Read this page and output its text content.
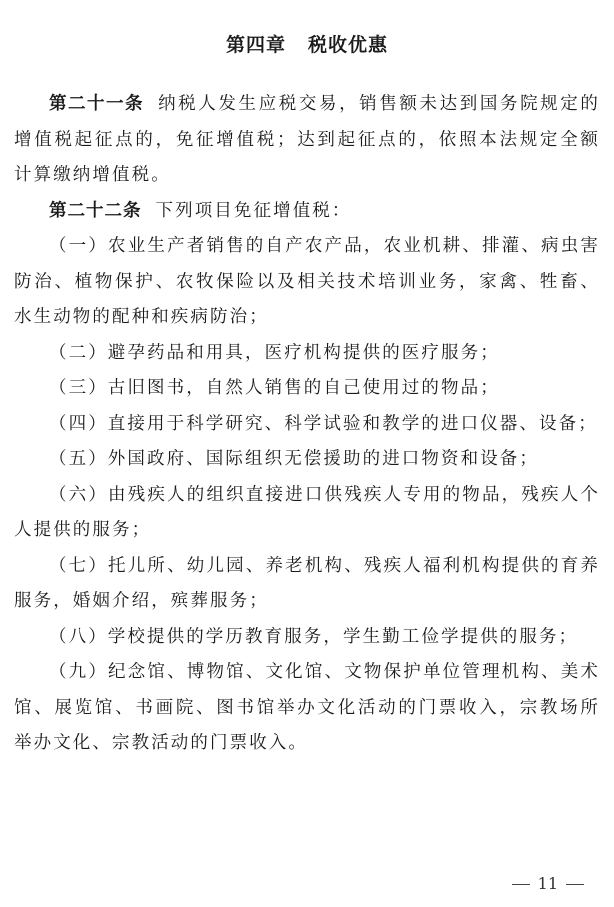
第四章 税收优惠

第二十一条 纳税人发生应税交易，销售额未达到国务院规定的增值税起征点的，免征增值税；达到起征点的，依照本法规定全额计算缴纳增值税。

第二十二条 下列项目免征增值税：

（一）农业生产者销售的自产农产品，农业机耕、排灌、病虫害防治、植物保护、农牧保险以及相关技术培训业务，家禽、牲畜、水生动物的配种和疾病防治；

（二）避孕药品和用具，医疗机构提供的医疗服务；

（三）古旧图书，自然人销售的自己使用过的物品；

（四）直接用于科学研究、科学试验和教学的进口仪器、设备；

（五）外国政府、国际组织无偿援助的进口物资和设备；

（六）由残疾人的组织直接进口供残疾人专用的物品，残疾人个人提供的服务；

（七）托儿所、幼儿园、养老机构、残疾人福利机构提供的育养服务，婚姻介绍，殡葬服务；

（八）学校提供的学历教育服务，学生勤工俭学提供的服务；

（九）纪念馆、博物馆、文化馆、文物保护单位管理机构、美术馆、展览馆、书画院、图书馆举办文化活动的门票收入，宗教场所举办文化、宗教活动的门票收入。

11
